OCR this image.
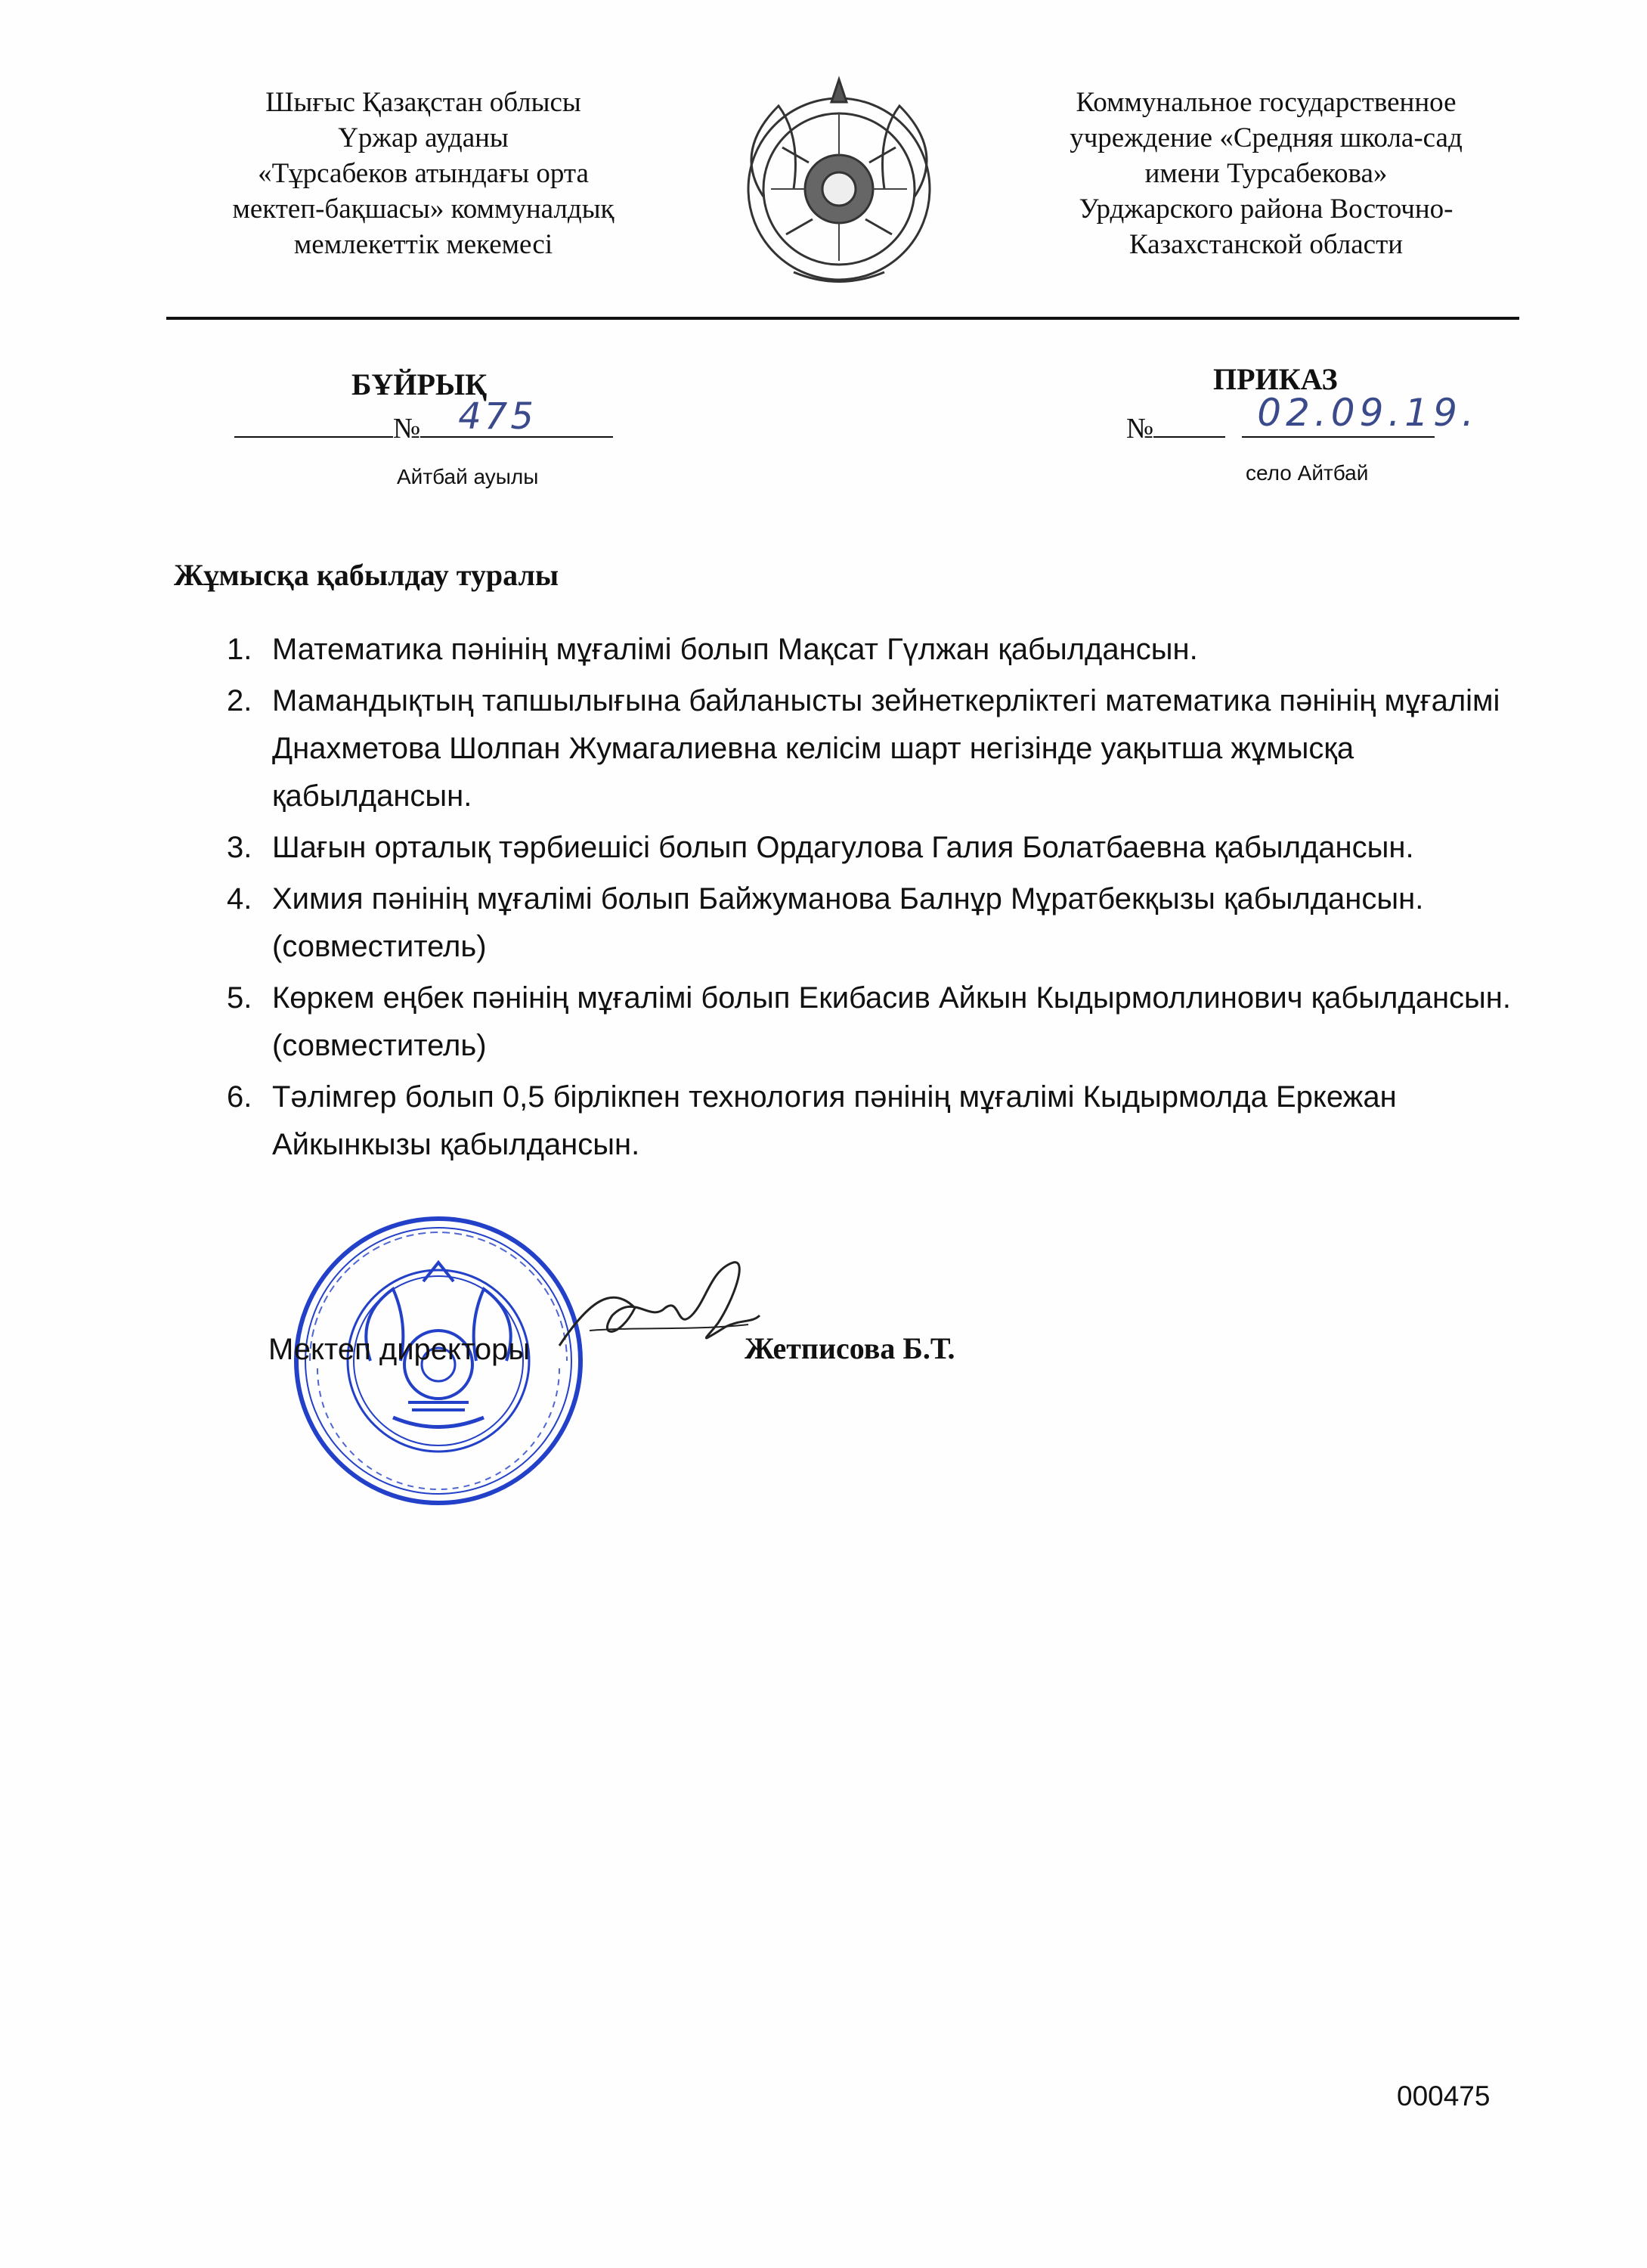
Шығыс Қазақстан облысы
Үржар ауданы
«Тұрсабеков атындағы орта
мектеп-бақшасы» коммуналдық
мемлекеттік мекемесі
Коммунальное государственное
учреждение «Средняя школа-сад
имени Турсабекова»
Урджарского района Восточно-
Казахстанской области
БҰЙРЫҚ	ПРИКАЗ
№ 475
Айтбай ауылы
№	02.09.19.
село Айтбай
Жұмысқа қабылдау туралы
1. Математика пәнінің мұғалімі болып Мақсат Гүлжан қабылдансын.
2. Мамандықтың тапшылығына байланысты зейнеткерліктегі математика пәнінің мұғалімі Днахметова Шолпан Жумагалиевна келісім шарт негізінде уақытша жұмысқа қабылдансын.
3. Шағын орталық тәрбиешісі болып Ордагулова Галия Болатбаевна қабылдансын.
4. Химия пәнінің мұғалімі болып Байжуманова Балнұр Мұратбекқызы қабылдансын. (совместитель)
5. Көркем еңбек пәнінің мұғалімі болып Екибасив Айкын Кыдырмоллинович қабылдансын. (совместитель)
6. Тәлімгер болып 0,5 бірлікпен технология пәнінің мұғалімі Кыдырмолда Еркежан Айкынкызы қабылдансын.
Мектеп директоры	Жетписова Б.Т.
000475
